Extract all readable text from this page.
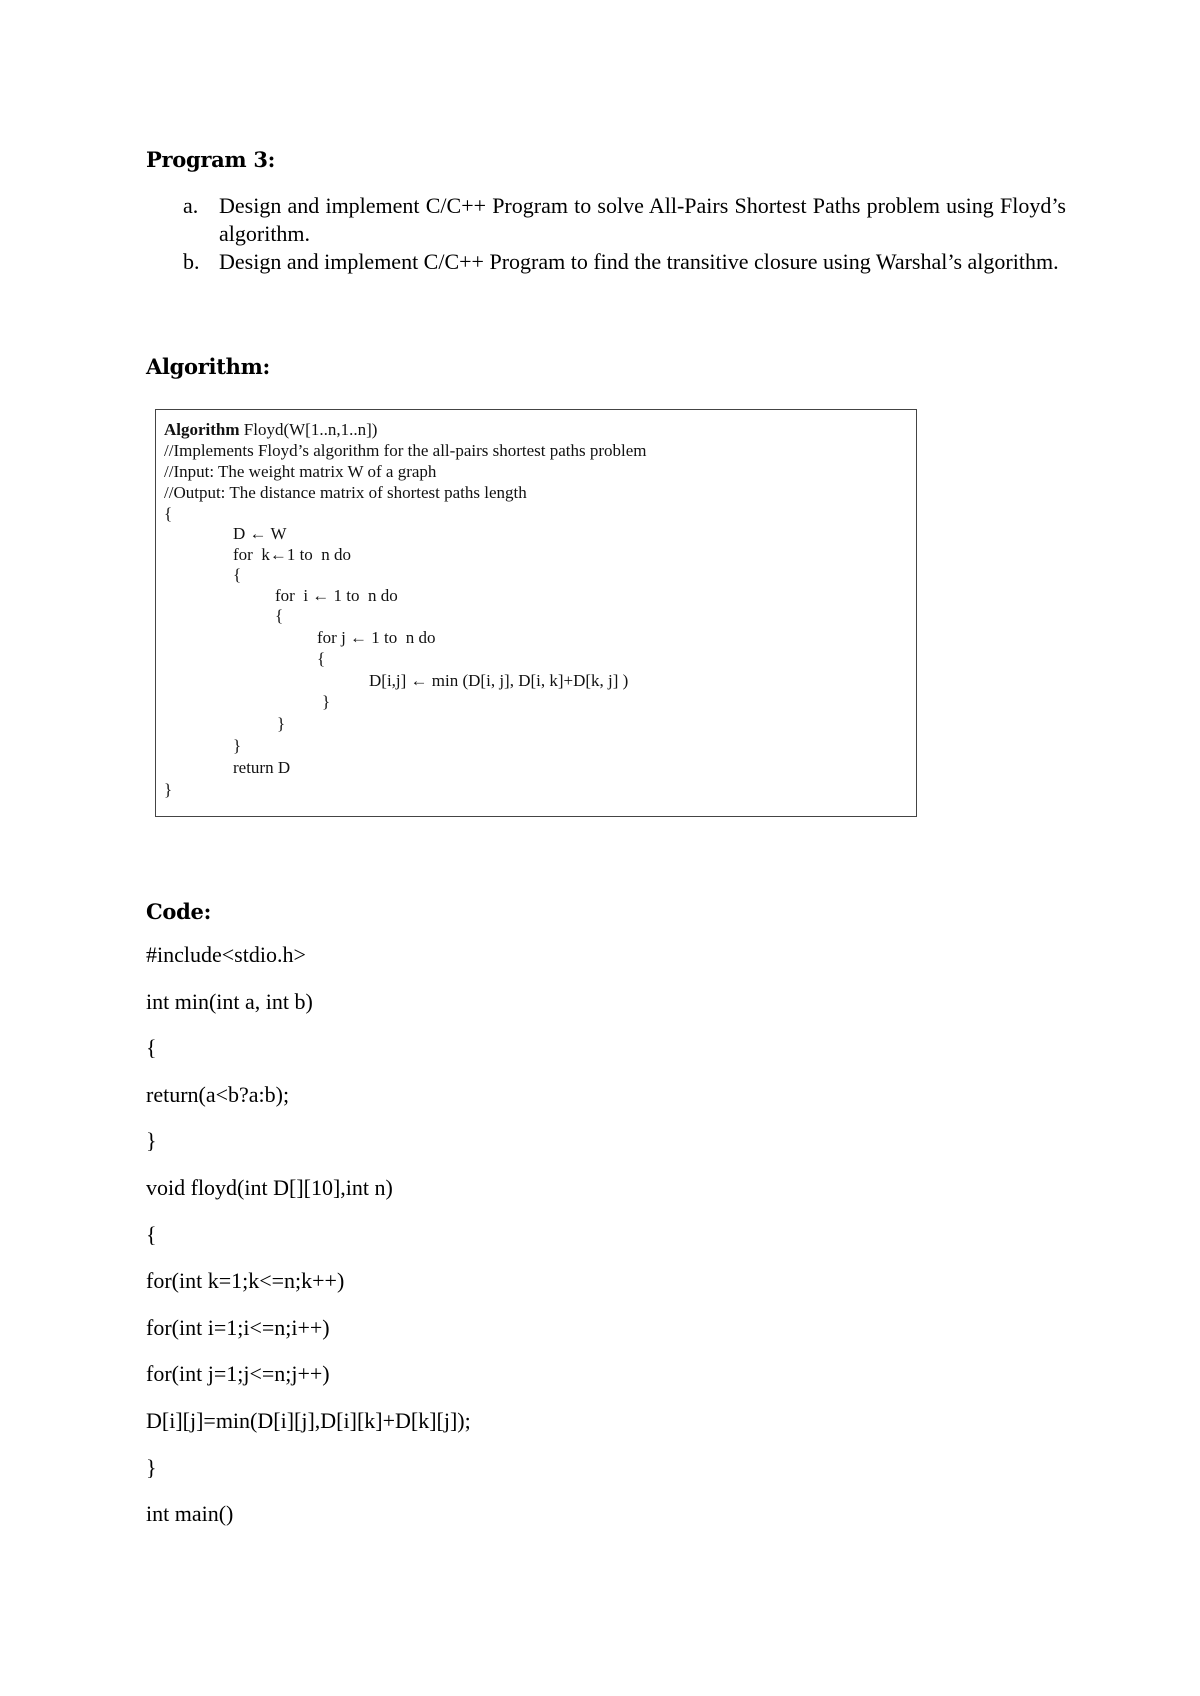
Program 3:
a. Design and implement C/C++ Program to solve All-Pairs Shortest Paths problem using Floyd’s algorithm.
b. Design and implement C/C++ Program to find the transitive closure using Warshal’s algorithm.
Algorithm:
Algorithm Floyd(W[1..n,1..n])
//Implements Floyd’s algorithm for the all-pairs shortest paths problem
//Input: The weight matrix W of a graph
//Output: The distance matrix of shortest paths length
{
D ← W
for  k←1 to  n do
{
for  i ← 1 to  n do
{
for j ← 1 to  n do
{
D[i,j] ← min (D[i, j], D[i, k]+D[k, j] )
}
}
}
return D
}
Code:
#include<stdio.h>
int min(int a, int b)
{
return(a<b?a:b);
}
void floyd(int D[][10],int n)
{
for(int k=1;k<=n;k++)
for(int i=1;i<=n;i++)
for(int j=1;j<=n;j++)
D[i][j]=min(D[i][j],D[i][k]+D[k][j]);
}
int main()
